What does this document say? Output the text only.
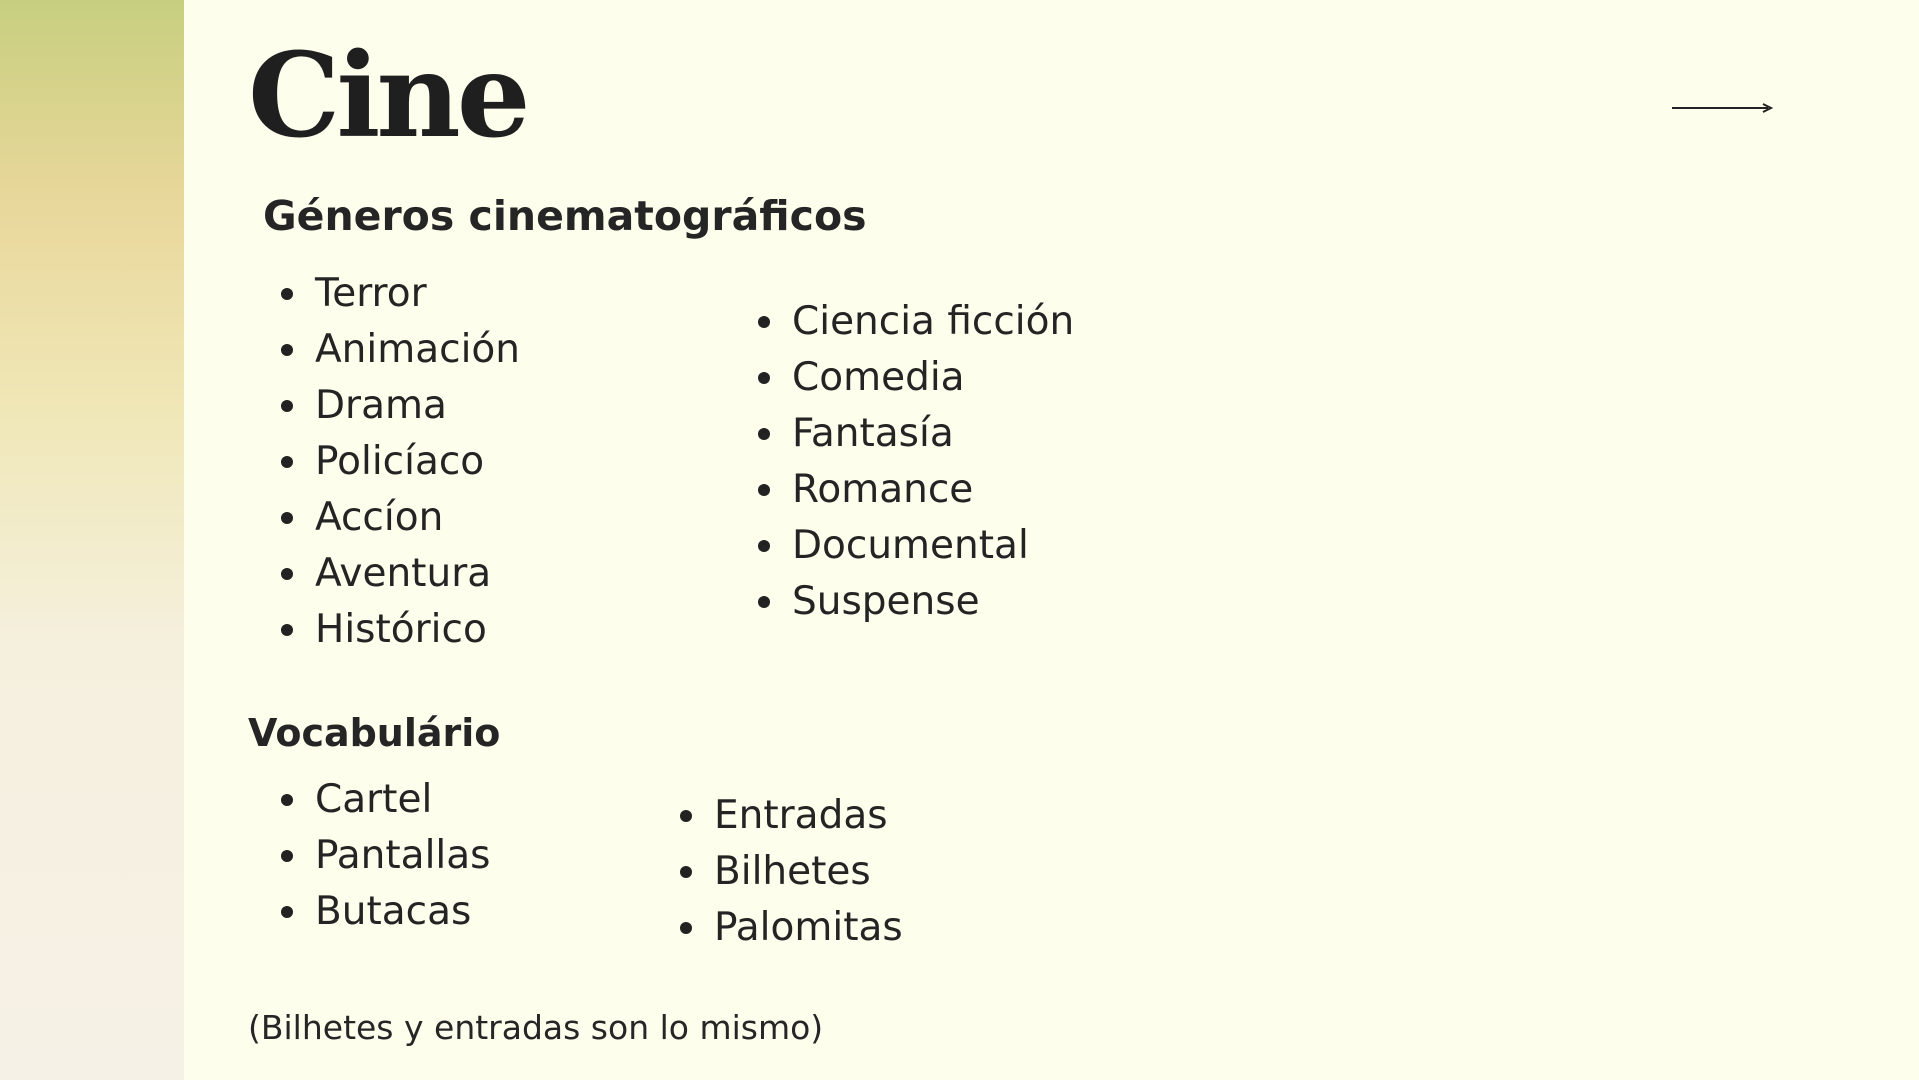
Cine
Géneros cinematográficos
Terror
Animación
Drama
Policíaco
Accíon
Aventura
Histórico
Ciencia ficción
Comedia
Fantasía
Romance
Documental
Suspense
Vocabulário
Cartel
Pantallas
Butacas
Entradas
Bilhetes
Palomitas

(Bilhetes y entradas son lo mismo)
